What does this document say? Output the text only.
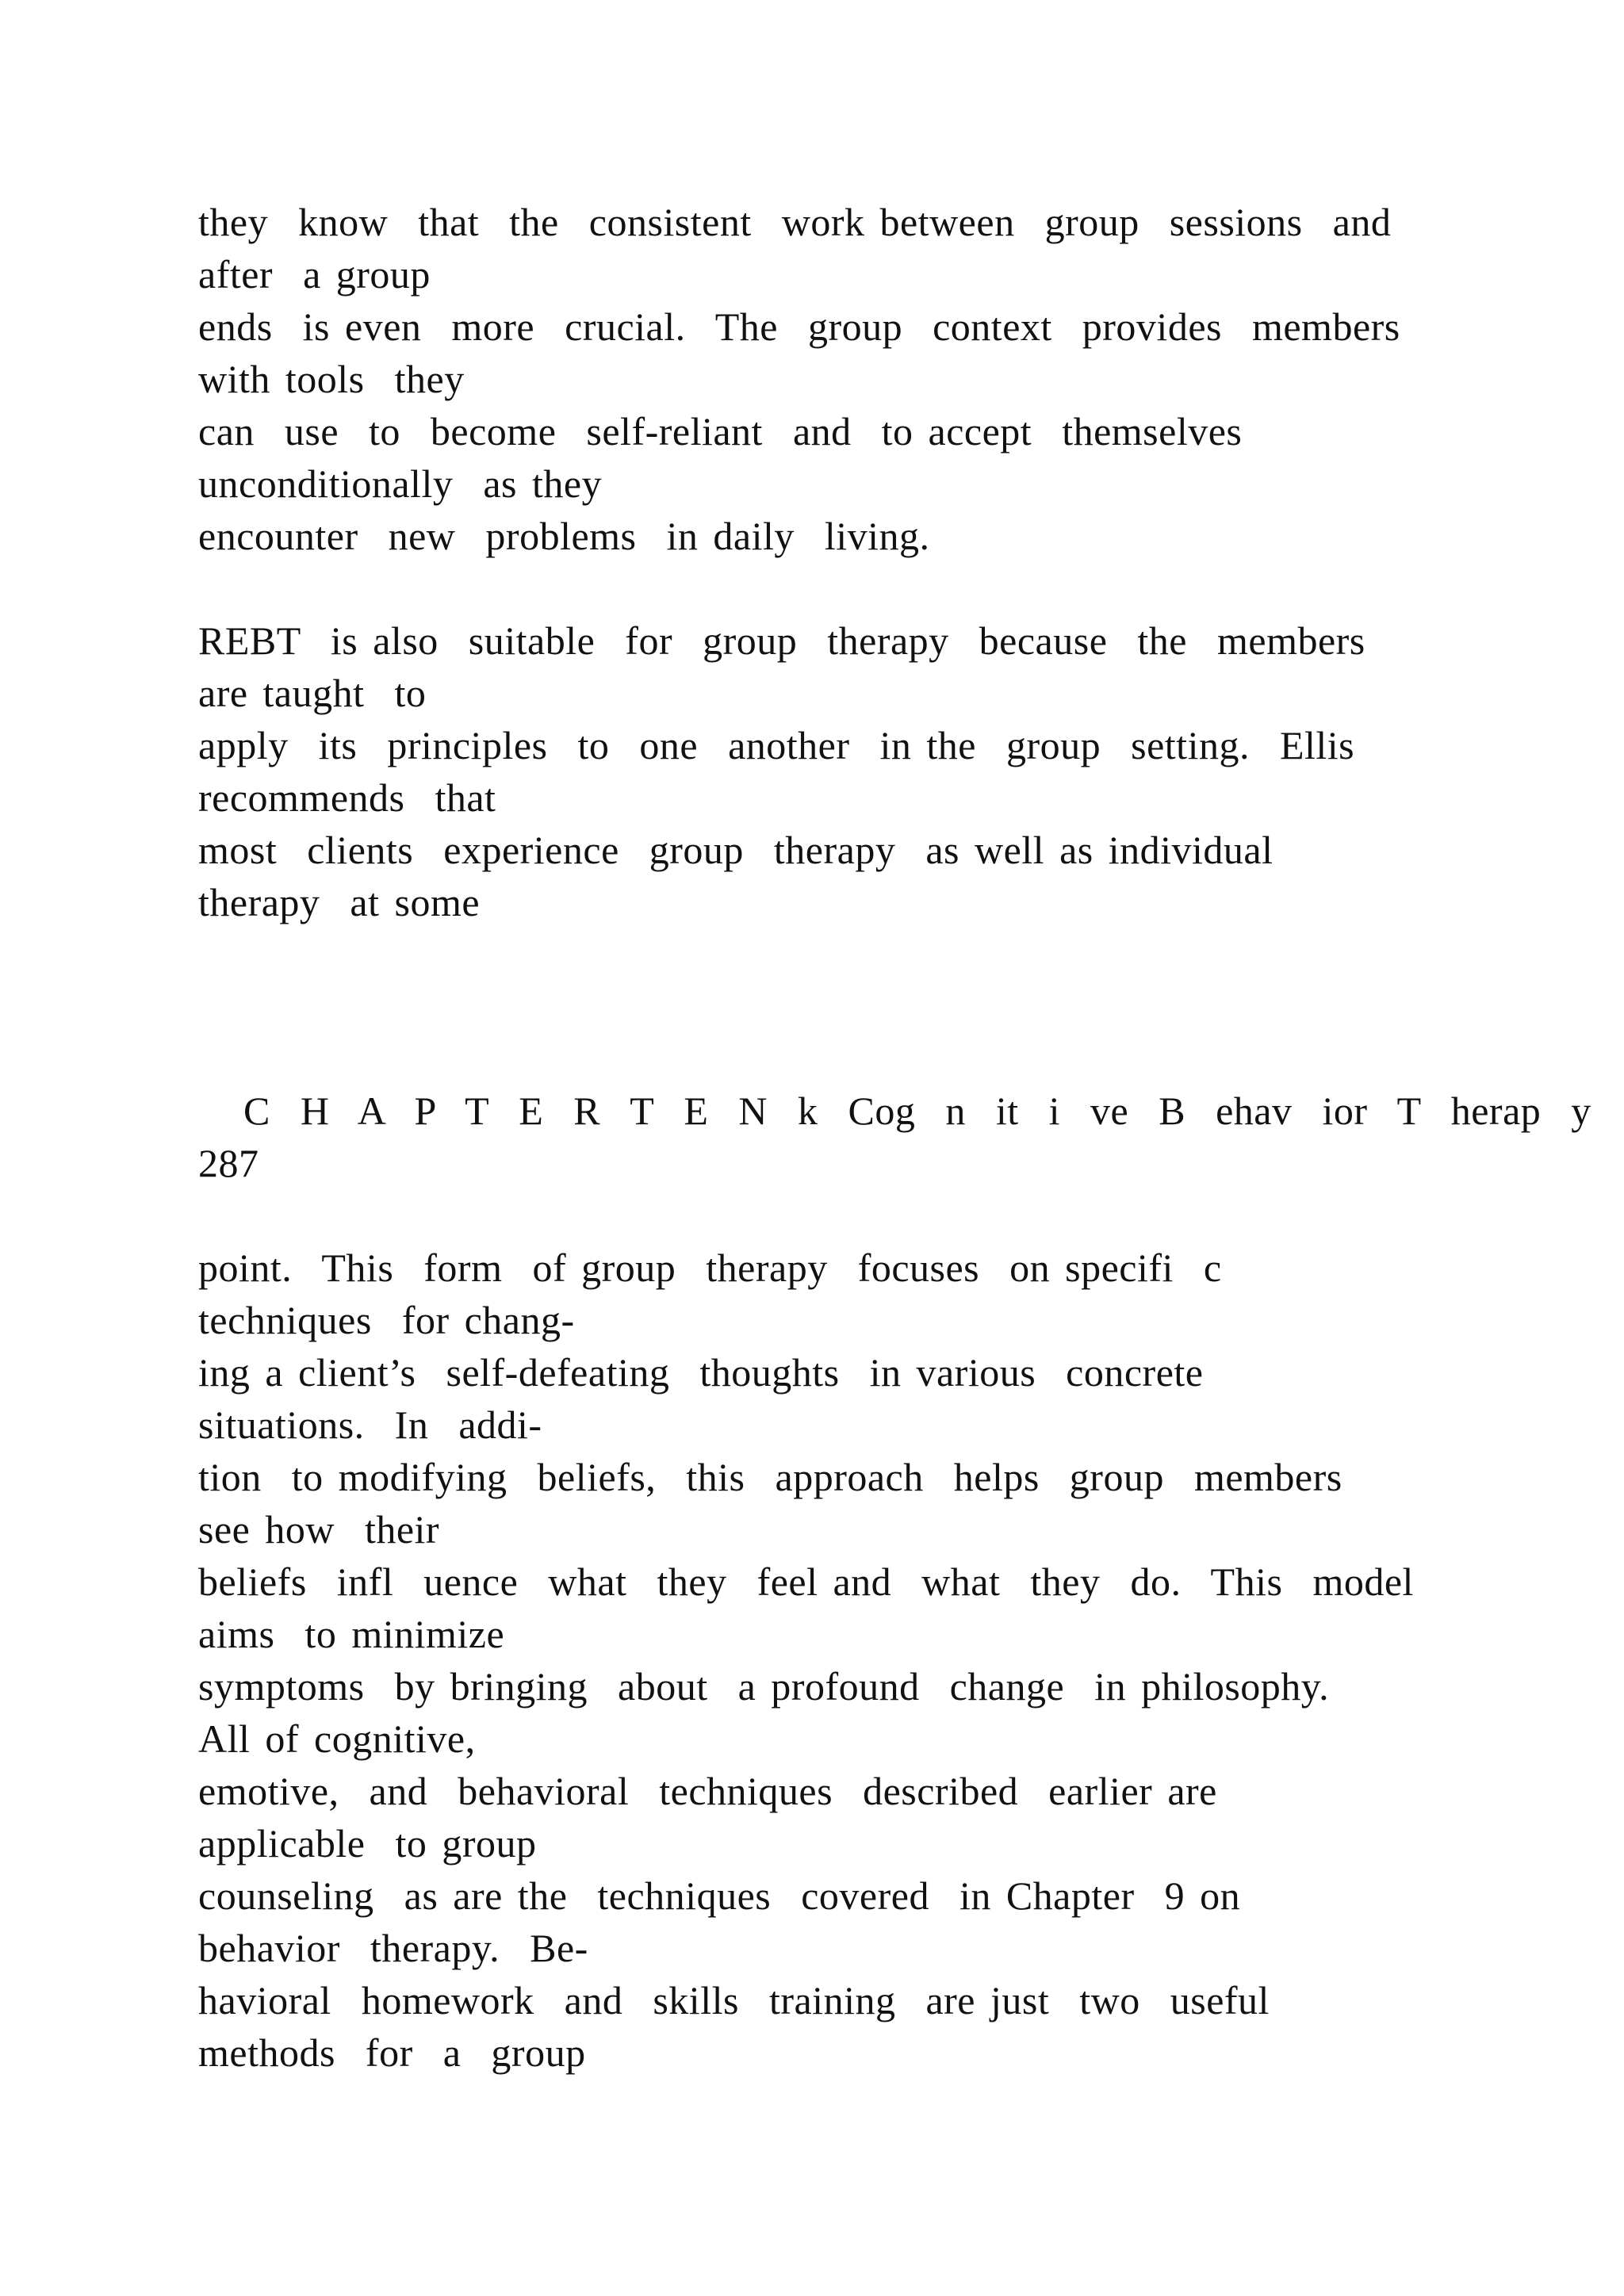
they  know  that  the  consistent  work between  group  sessions  and
after  a group
ends  is even  more  crucial.  The  group  context  provides  members
with tools  they
can  use  to  become  self-reliant  and  to accept  themselves
unconditionally  as they
encounter  new  problems  in daily  living.
REBT  is also  suitable  for  group  therapy  because  the  members
are taught  to
apply  its  principles  to  one  another  in the  group  setting.  Ellis
recommends  that
most  clients  experience  group  therapy  as well as individual
therapy  at some
C  H  A  P  T  E  R  T  E  N  k  Cog  n  it  i  ve  B  ehav  ior  T  herap  y
287
point.  This  form  of group  therapy  focuses  on specifi  c
techniques  for chang-
ing a client’s  self-defeating  thoughts  in various  concrete
situations.  In  addi-
tion  to modifying  beliefs,  this  approach  helps  group  members
see how  their
beliefs  infl  uence  what  they  feel and  what  they  do.  This  model
aims  to minimize
symptoms  by bringing  about  a profound  change  in philosophy.
All of cognitive,
emotive,  and  behavioral  techniques  described  earlier are
applicable  to group
counseling  as are the  techniques  covered  in Chapter  9 on
behavior  therapy.  Be-
havioral  homework  and  skills  training  are just  two  useful
methods  for  a  group
